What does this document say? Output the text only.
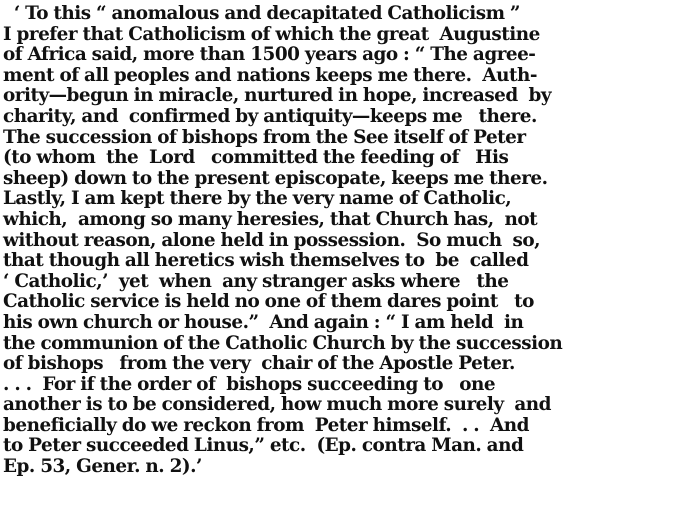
‘ To this “ anomalous and decapitated Catholicism ”
I prefer that Catholicism of which the great  Augustine
of Africa said, more than 1500 years ago : “ The agree-
ment of all peoples and nations keeps me there.  Auth-
ority—begun in miracle, nurtured in hope, increased  by
charity, and  confirmed by antiquity—keeps me   there.
The succession of bishops from the See itself of Peter
(to whom  the  Lord   committed the feeding of   His
sheep) down to the present episcopate, keeps me there.
Lastly, I am kept there by the very name of Catholic,
which,  among so many heresies, that Church has,  not
without reason, alone held in possession.  So much  so,
that though all heretics wish themselves to  be  called
‘ Catholic,’  yet  when  any stranger asks where   the
Catholic service is held no one of them dares point   to
his own church or house.”  And again : “ I am held  in
the communion of the Catholic Church by the succession
of bishops   from the very  chair of the Apostle Peter.
. . .  For if the order of  bishops succeeding to   one
another is to be considered, how much more surely  and
beneficially do we reckon from  Peter himself.  . .  And
to Peter succeeded Linus,” etc.  (Ep. contra Man. and
Ep. 53, Gener. n. 2).’
